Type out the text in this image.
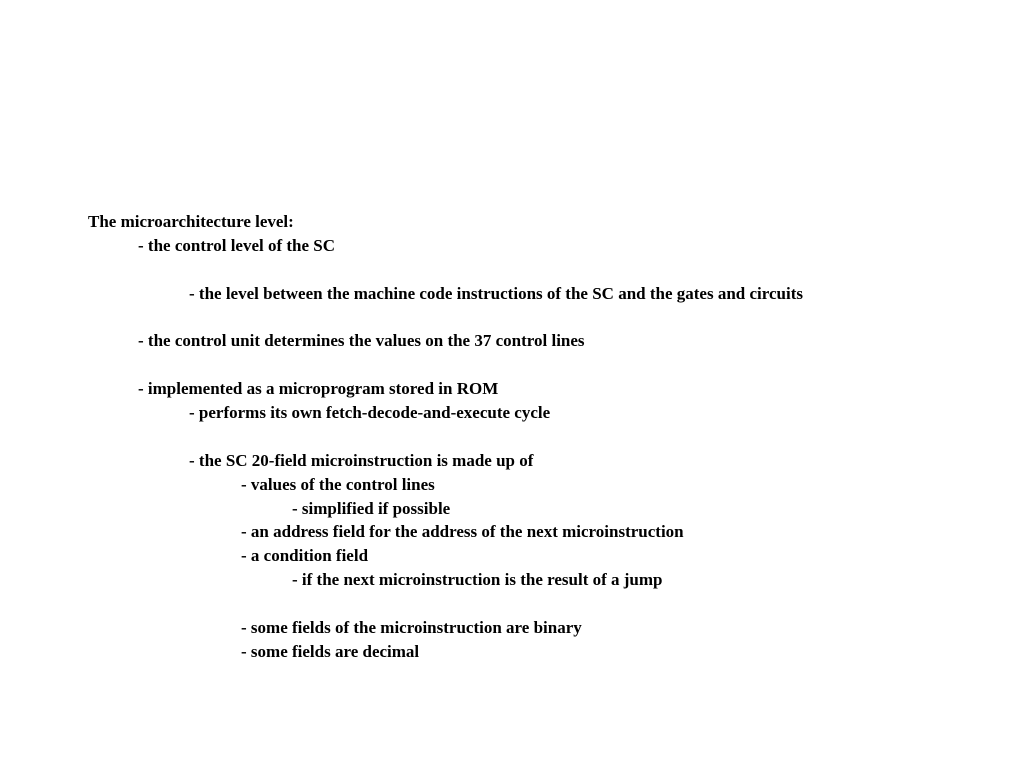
The microarchitecture level:
- the control level of the SC
- the level between the machine code instructions of the SC and the gates and circuits
- the control unit determines the values on the 37 control lines
- implemented as a microprogram stored in ROM
- performs its own fetch-decode-and-execute cycle
- the SC 20-field microinstruction is made up of
- values of the control lines
- simplified if possible
- an address field for the address of the next microinstruction
- a condition field
- if the next microinstruction is the result of a jump
- some fields of the microinstruction are binary
- some fields are decimal
